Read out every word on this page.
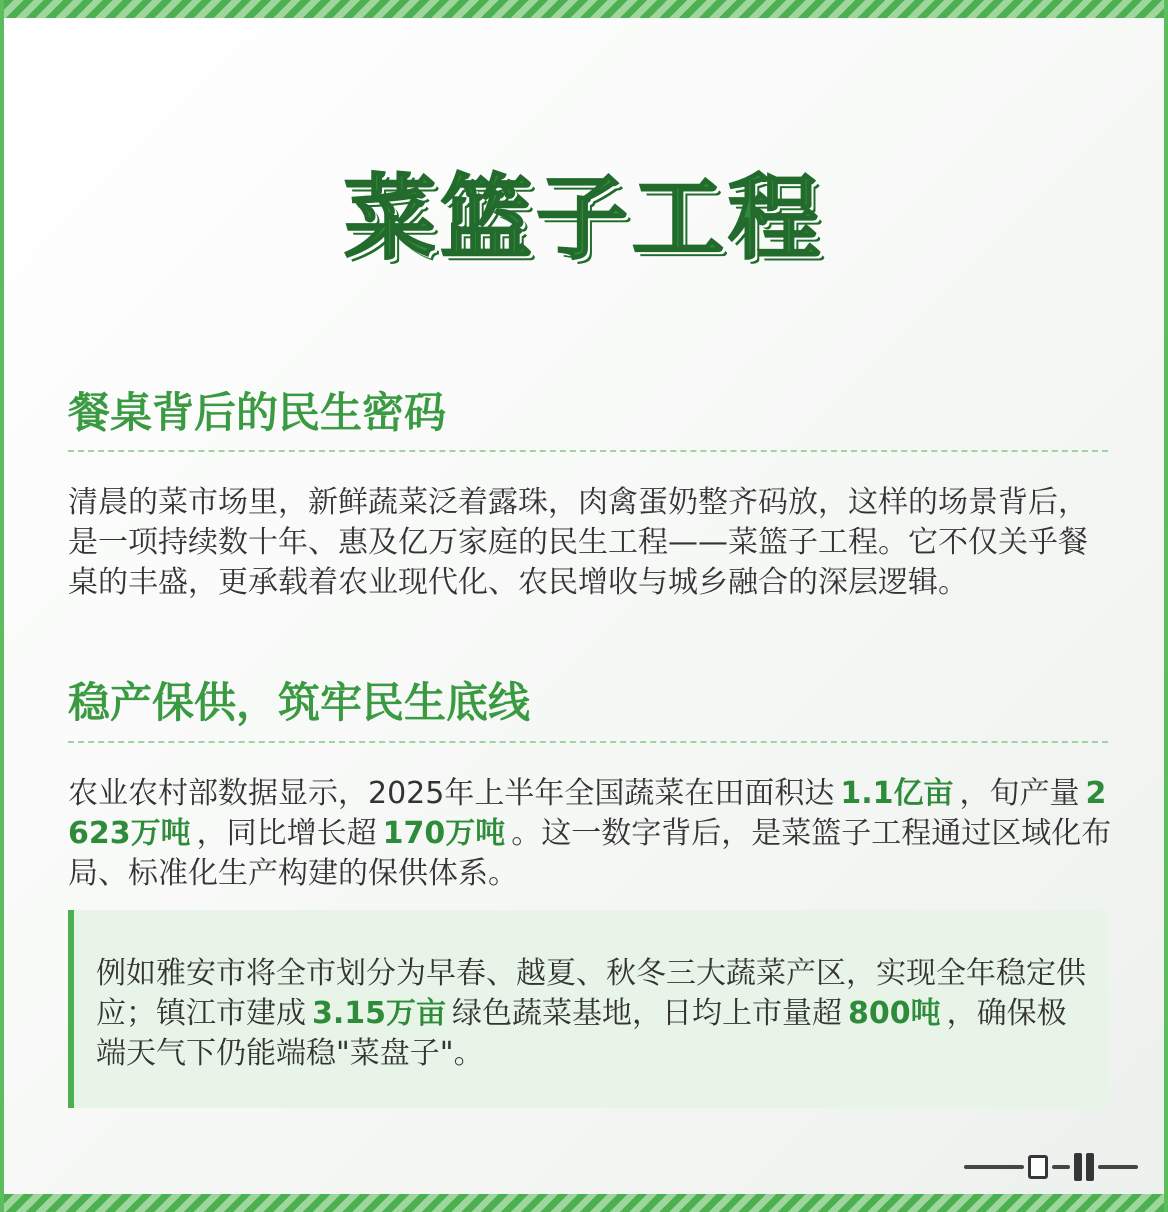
菜篮子工程
餐桌背后的民生密码
清晨的菜市场里，新鲜蔬菜泛着露珠，肉禽蛋奶整齐码放，这样的场景背后，是一项持续数十年、惠及亿万家庭的民生工程——菜篮子工程。它不仅关乎餐桌的丰盛，更承载着农业现代化、农民增收与城乡融合的深层逻辑。
稳产保供，筑牢民生底线
农业农村部数据显示，2025年上半年全国蔬菜在田面积达 1.1亿亩 ，旬产量 2623万吨 ，同比增长超 170万吨 。这一数字背后，是菜篮子工程通过区域化布局、标准化生产构建的保供体系。
例如雅安市将全市划分为早春、越夏、秋冬三大蔬菜产区，实现全年稳定供应；镇江市建成 3.15万亩 绿色蔬菜基地，日均上市量超 800吨 ，确保极端天气下仍能端稳"菜盘子"。
